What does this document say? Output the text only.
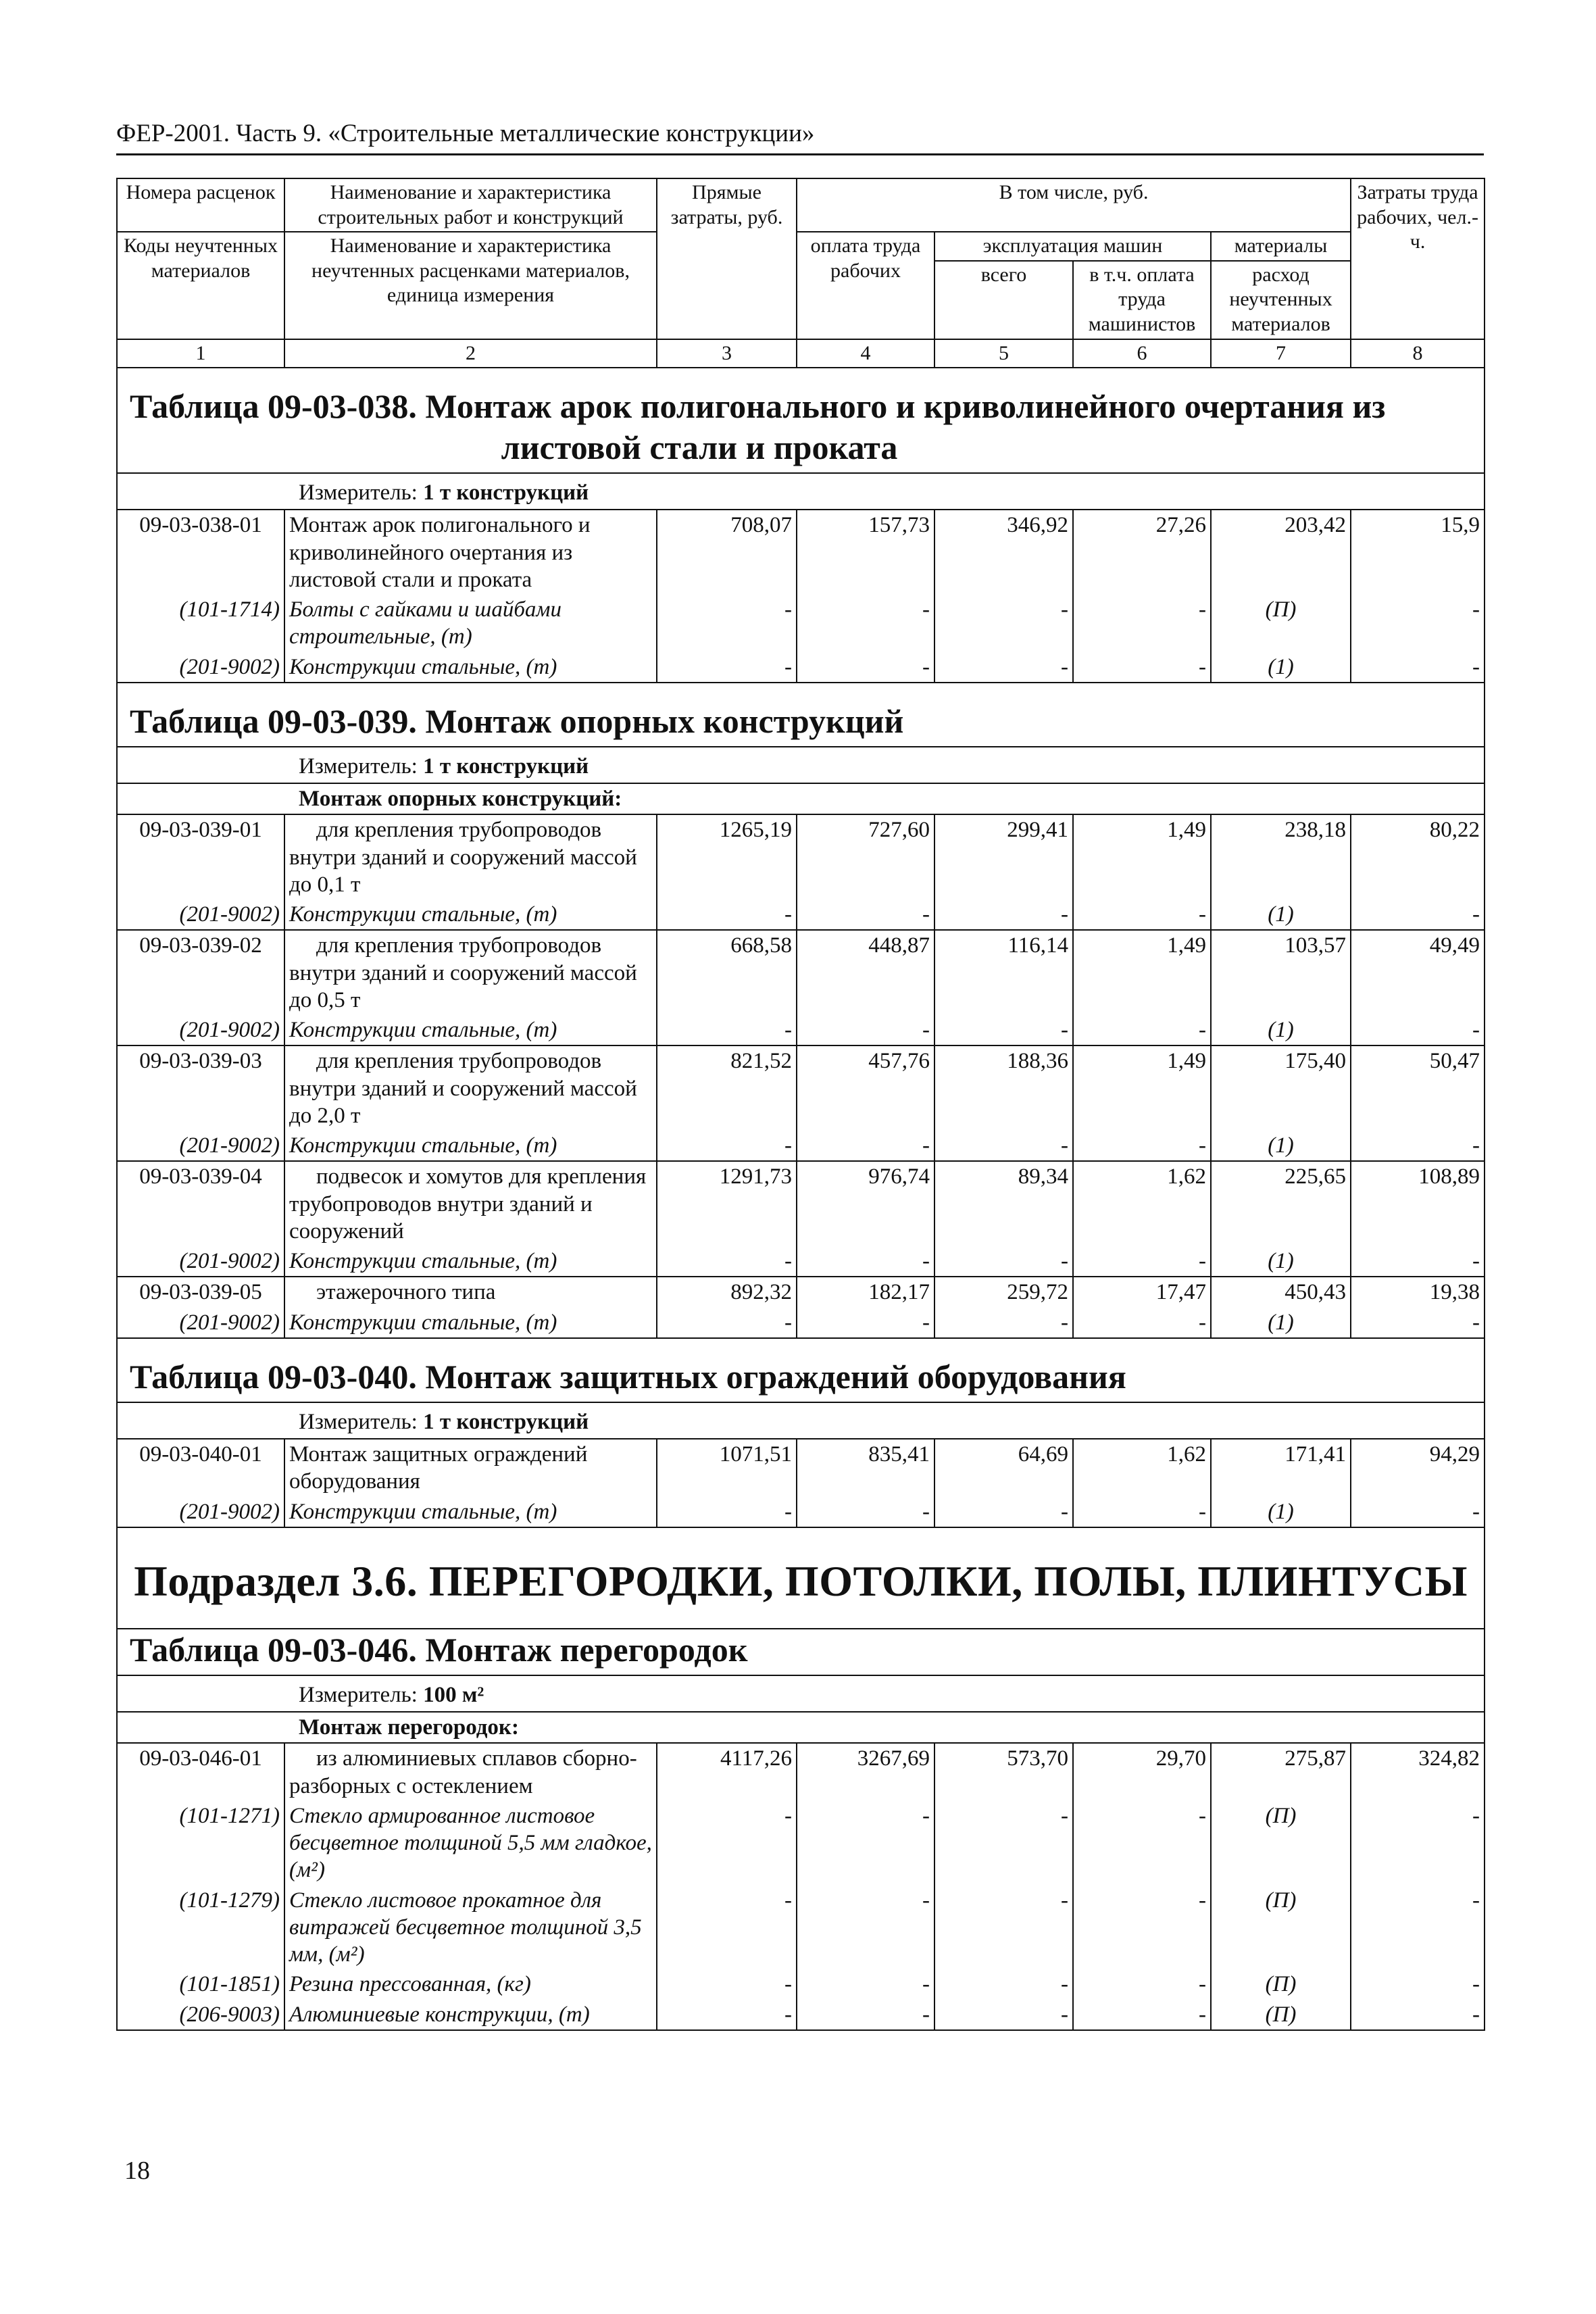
ФЕР-2001. Часть 9. «Строительные металлические конструкции»
Номера расценок	Наименование и характеристика строительных работ и конструкций	Прямые затраты, руб.	В том числе, руб.				Затраты труда рабочих, чел.-ч.
Коды неучтенных материалов	Наименование и характеристика неучтенных расценками материалов, единица измерения		оплата труда рабочих	эксплуатация машин		материалы	
				всего	в т.ч. оплата труда машинистов	расход неучтенных материалов	

1	2	3	4	5	6	7	8
Таблица 09-03-038. Монтаж арок полигонального и криволинейного очертания из
листовой стали и проката							

Измеритель: 1 т конструкций							
09-03-038-01	Монтаж арок полигонального и криволинейного очертания из листовой стали и проката	708,07	157,73	346,92	27,26	203,42	15,9
(101-1714)	Болты с гайками и шайбами строительные, (т)	-	-	-	-	(П)	-
(201-9002)	Конструкции стальные, (т)	-	-	-	-	(1)	-
Таблица 09-03-039. Монтаж опорных конструкций							
Измеритель: 1 т конструкций							
Монтаж опорных конструкций:							
09-03-039-01	для крепления трубопроводов внутри зданий и сооружений массой до 0,1 т	1265,19	727,60	299,41	1,49	238,18	80,22
(201-9002)	Конструкции стальные, (т)	-	-	-	-	(1)	-
09-03-039-02	для крепления трубопроводов внутри зданий и сооружений массой до 0,5 т	668,58	448,87	116,14	1,49	103,57	49,49
(201-9002)	Конструкции стальные, (т)	-	-	-	-	(1)	-
09-03-039-03	для крепления трубопроводов внутри зданий и сооружений массой до 2,0 т	821,52	457,76	188,36	1,49	175,40	50,47
(201-9002)	Конструкции стальные, (т)	-	-	-	-	(1)	-
09-03-039-04	подвесок и хомутов для крепления трубопроводов внутри зданий и сооружений	1291,73	976,74	89,34	1,62	225,65	108,89
(201-9002)	Конструкции стальные, (т)	-	-	-	-	(1)	-
09-03-039-05	этажерочного типа	892,32	182,17	259,72	17,47	450,43	19,38
(201-9002)	Конструкции стальные, (т)	-	-	-	-	(1)	-
Таблица 09-03-040. Монтаж защитных ограждений оборудования							
Измеритель: 1 т конструкций							
09-03-040-01	Монтаж защитных ограждений оборудования	1071,51	835,41	64,69	1,62	171,41	94,29
(201-9002)	Конструкции стальные, (т)	-	-	-	-	(1)	-
Подраздел 3.6. ПЕРЕГОРОДКИ, ПОТОЛКИ, ПОЛЫ, ПЛИНТУСЫ							
Таблица 09-03-046. Монтаж перегородок							
Измеритель: 100 м²							
Монтаж перегородок:							
09-03-046-01	из алюминиевых сплавов сборно-разборных с остеклением	4117,26	3267,69	573,70	29,70	275,87	324,82
(101-1271)	Стекло армированное листовое бесцветное толщиной 5,5 мм гладкое, (м²)	-	-	-	-	(П)	-
(101-1279)	Стекло листовое прокатное для витражей бесцветное толщиной 3,5 мм, (м²)	-	-	-	-	(П)	-
(101-1851)	Резина прессованная, (кг)	-	-	-	-	(П)	-
(206-9003)	Алюминиевые конструкции, (т)	-	-	-	-	(П)	-
18
